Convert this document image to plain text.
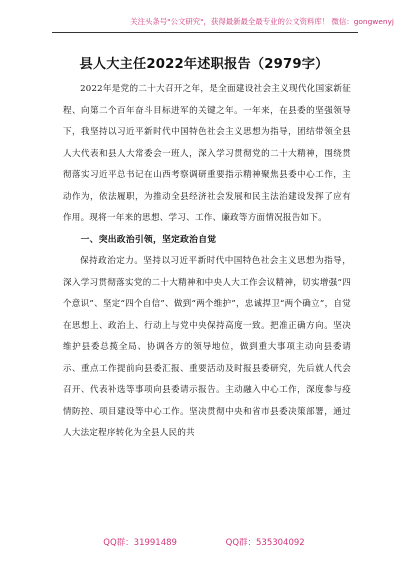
关注头条号"公文研究"，获得最新最全最专业的公文资料库！ 微信：gongwenyj
县人大主任2022年述职报告（2979字）

2022年是党的二十大召开之年，是全面建设社会主义现代化国家新征程、向第二个百年奋斗目标进军的关键之年。一年来，在县委的坚强领导下，我坚持以习近平新时代中国特色社会主义思想为指导，团结带领全县人大代表和县人大常委会一班人，深入学习贯彻党的二十大精神，围绕贯彻落实习近平总书记在山西考察调研重要指示精神聚焦县委中心工作，主动作为，依法履职，为推动全县经济社会发展和民主法治建设发挥了应有作用。现将一年来的思想、学习、工作、廉政等方面情况报告如下。

一、突出政治引领，坚定政治自觉

保持政治定力。坚持以习近平新时代中国特色社会主义思想为指导，深入学习贯彻落实党的二十大精神和中央人大工作会议精神，切实增强“四个意识”、坚定“四个自信”、做到“两个维护”，忠诚捍卫“两个确立”，自觉在思想上、政治上、行动上与党中央保持高度一致。把准正确方向。坚决维护县委总揽全局、协调各方的领导地位，做到重大事项主动向县委请示、重点工作提前向县委汇报、重要活动及时报县委研究，先后就人代会召开、代表补选等事项向县委请示报告。主动融入中心工作，深度参与疫情防控、项目建设等中心工作。坚决贯彻中央和省市县委决策部署，通过人大法定程序转化为全县人民的共

QQ群：31991489	QQ群：535304092
